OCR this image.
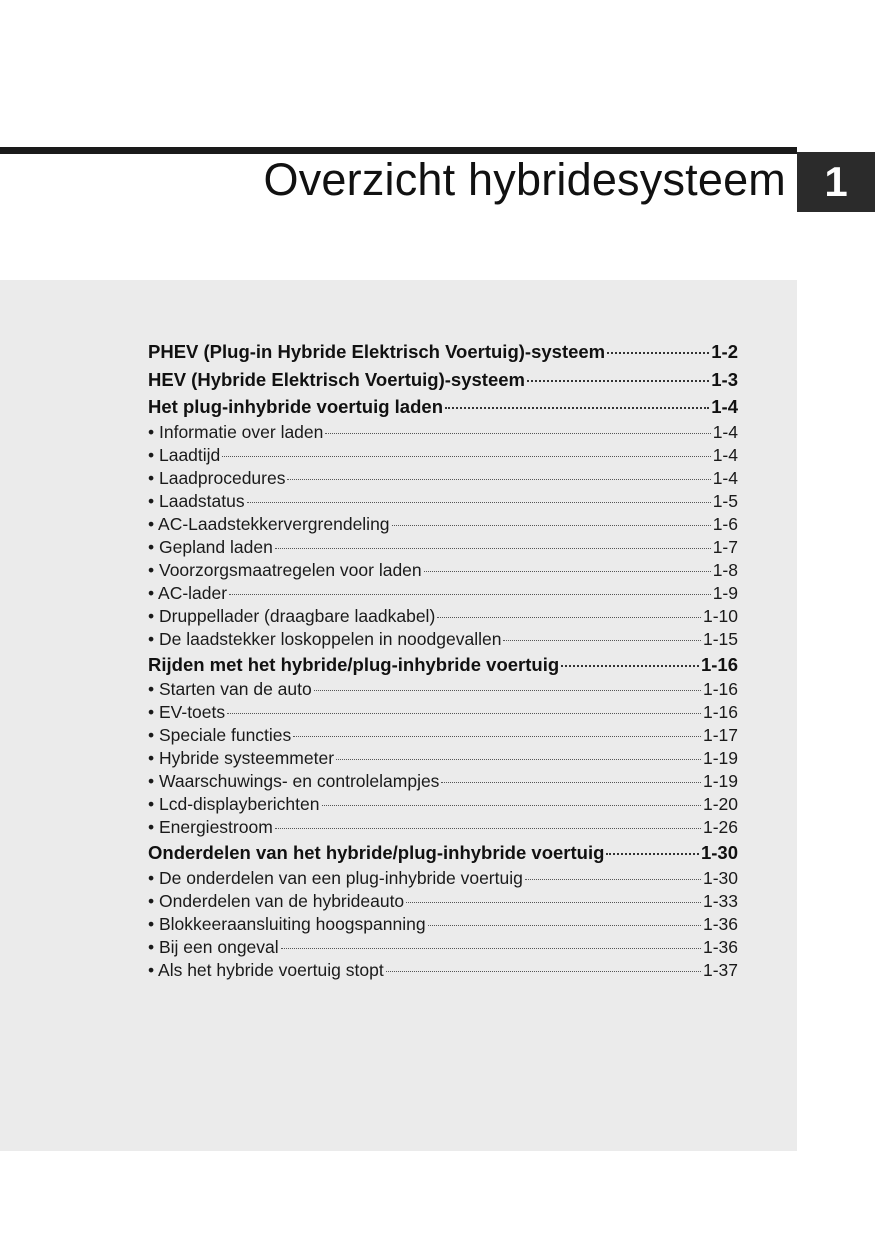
Overzicht hybridesysteem 1
PHEV (Plug-in Hybride Elektrisch Voertuig)-systeem	1-2
HEV (Hybride Elektrisch Voertuig)-systeem	1-3
Het plug-inhybride voertuig laden	1-4
• Informatie over laden	1-4
• Laadtijd	1-4
• Laadprocedures	1-4
• Laadstatus	1-5
• AC-Laadstekkervergrendeling	1-6
• Gepland laden	1-7
• Voorzorgsmaatregelen voor laden	1-8
• AC-lader	1-9
• Druppellader (draagbare laadkabel)	1-10
• De laadstekker loskoppelen in noodgevallen	1-15
Rijden met het hybride/plug-inhybride voertuig	1-16
• Starten van de auto	1-16
• EV-toets	1-16
• Speciale functies	1-17
• Hybride systeemmeter	1-19
• Waarschuwings- en controlelampjes	1-19
• Lcd-displayberichten	1-20
• Energiestroom	1-26
Onderdelen van het hybride/plug-inhybride voertuig	1-30
• De onderdelen van een plug-inhybride voertuig	1-30
• Onderdelen van de hybrideauto	1-33
• Blokkeeraansluiting hoogspanning	1-36
• Bij een ongeval	1-36
• Als het hybride voertuig stopt	1-37
